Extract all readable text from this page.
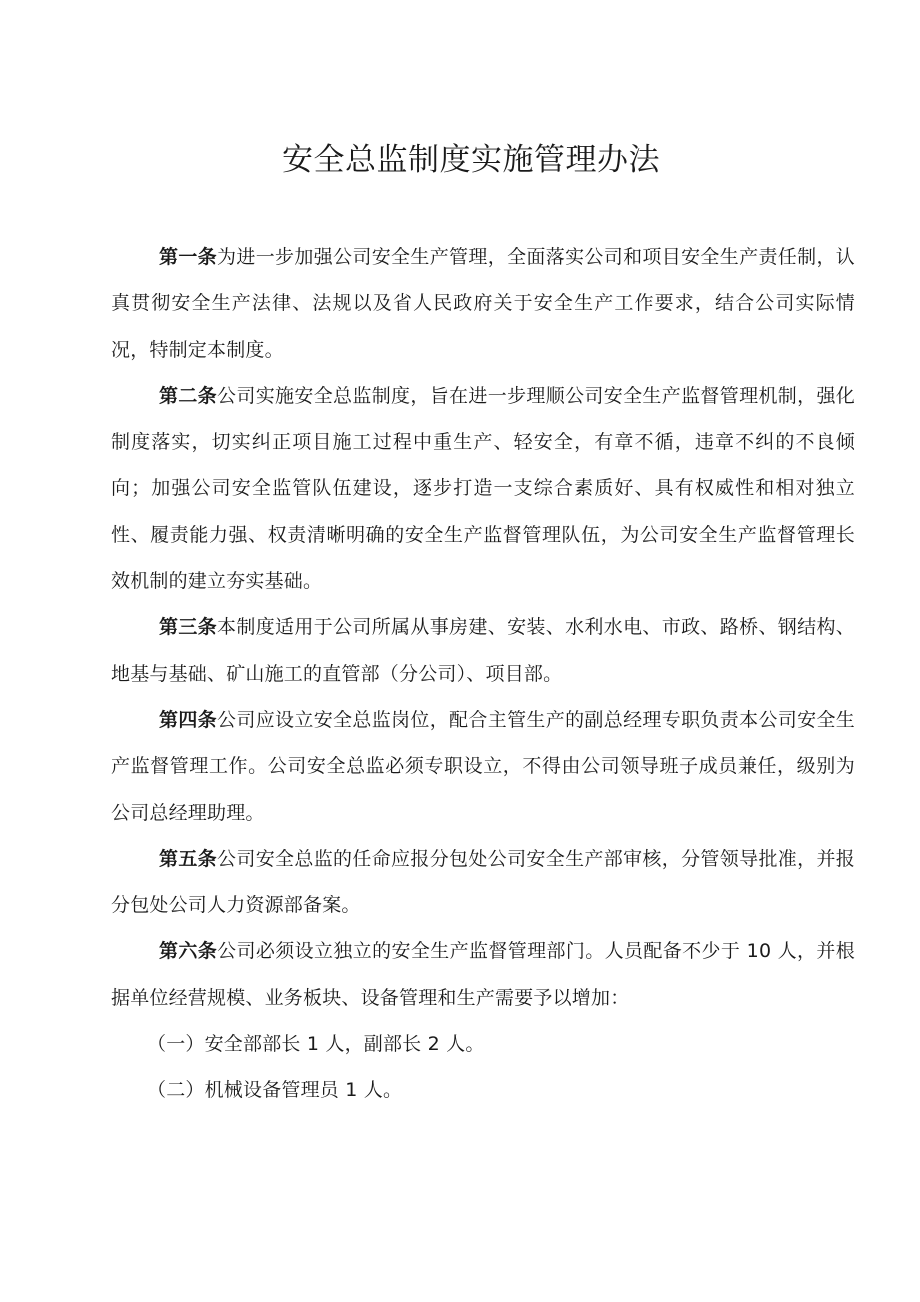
安全总监制度实施管理办法

第一条为进一步加强公司安全生产管理，全面落实公司和项目安全生产责任制，认真贯彻安全生产法律、法规以及省人民政府关于安全生产工作要求，结合公司实际情况，特制定本制度。

第二条公司实施安全总监制度，旨在进一步理顺公司安全生产监督管理机制，强化制度落实，切实纠正项目施工过程中重生产、轻安全，有章不循，违章不纠的不良倾向；加强公司安全监管队伍建设，逐步打造一支综合素质好、具有权威性和相对独立性、履责能力强、权责清晰明确的安全生产监督管理队伍，为公司安全生产监督管理长效机制的建立夯实基础。

第三条本制度适用于公司所属从事房建、安装、水利水电、市政、路桥、钢结构、地基与基础、矿山施工的直管部（分公司）、项目部。

第四条公司应设立安全总监岗位，配合主管生产的副总经理专职负责本公司安全生产监督管理工作。公司安全总监必须专职设立，不得由公司领导班子成员兼任，级别为公司总经理助理。

第五条公司安全总监的任命应报分包处公司安全生产部审核，分管领导批准，并报分包处公司人力资源部备案。

第六条公司必须设立独立的安全生产监督管理部门。人员配备不少于 10 人，并根据单位经营规模、业务板块、设备管理和生产需要予以增加：

（一）安全部部长 1 人，副部长 2 人。

（二）机械设备管理员 1 人。
